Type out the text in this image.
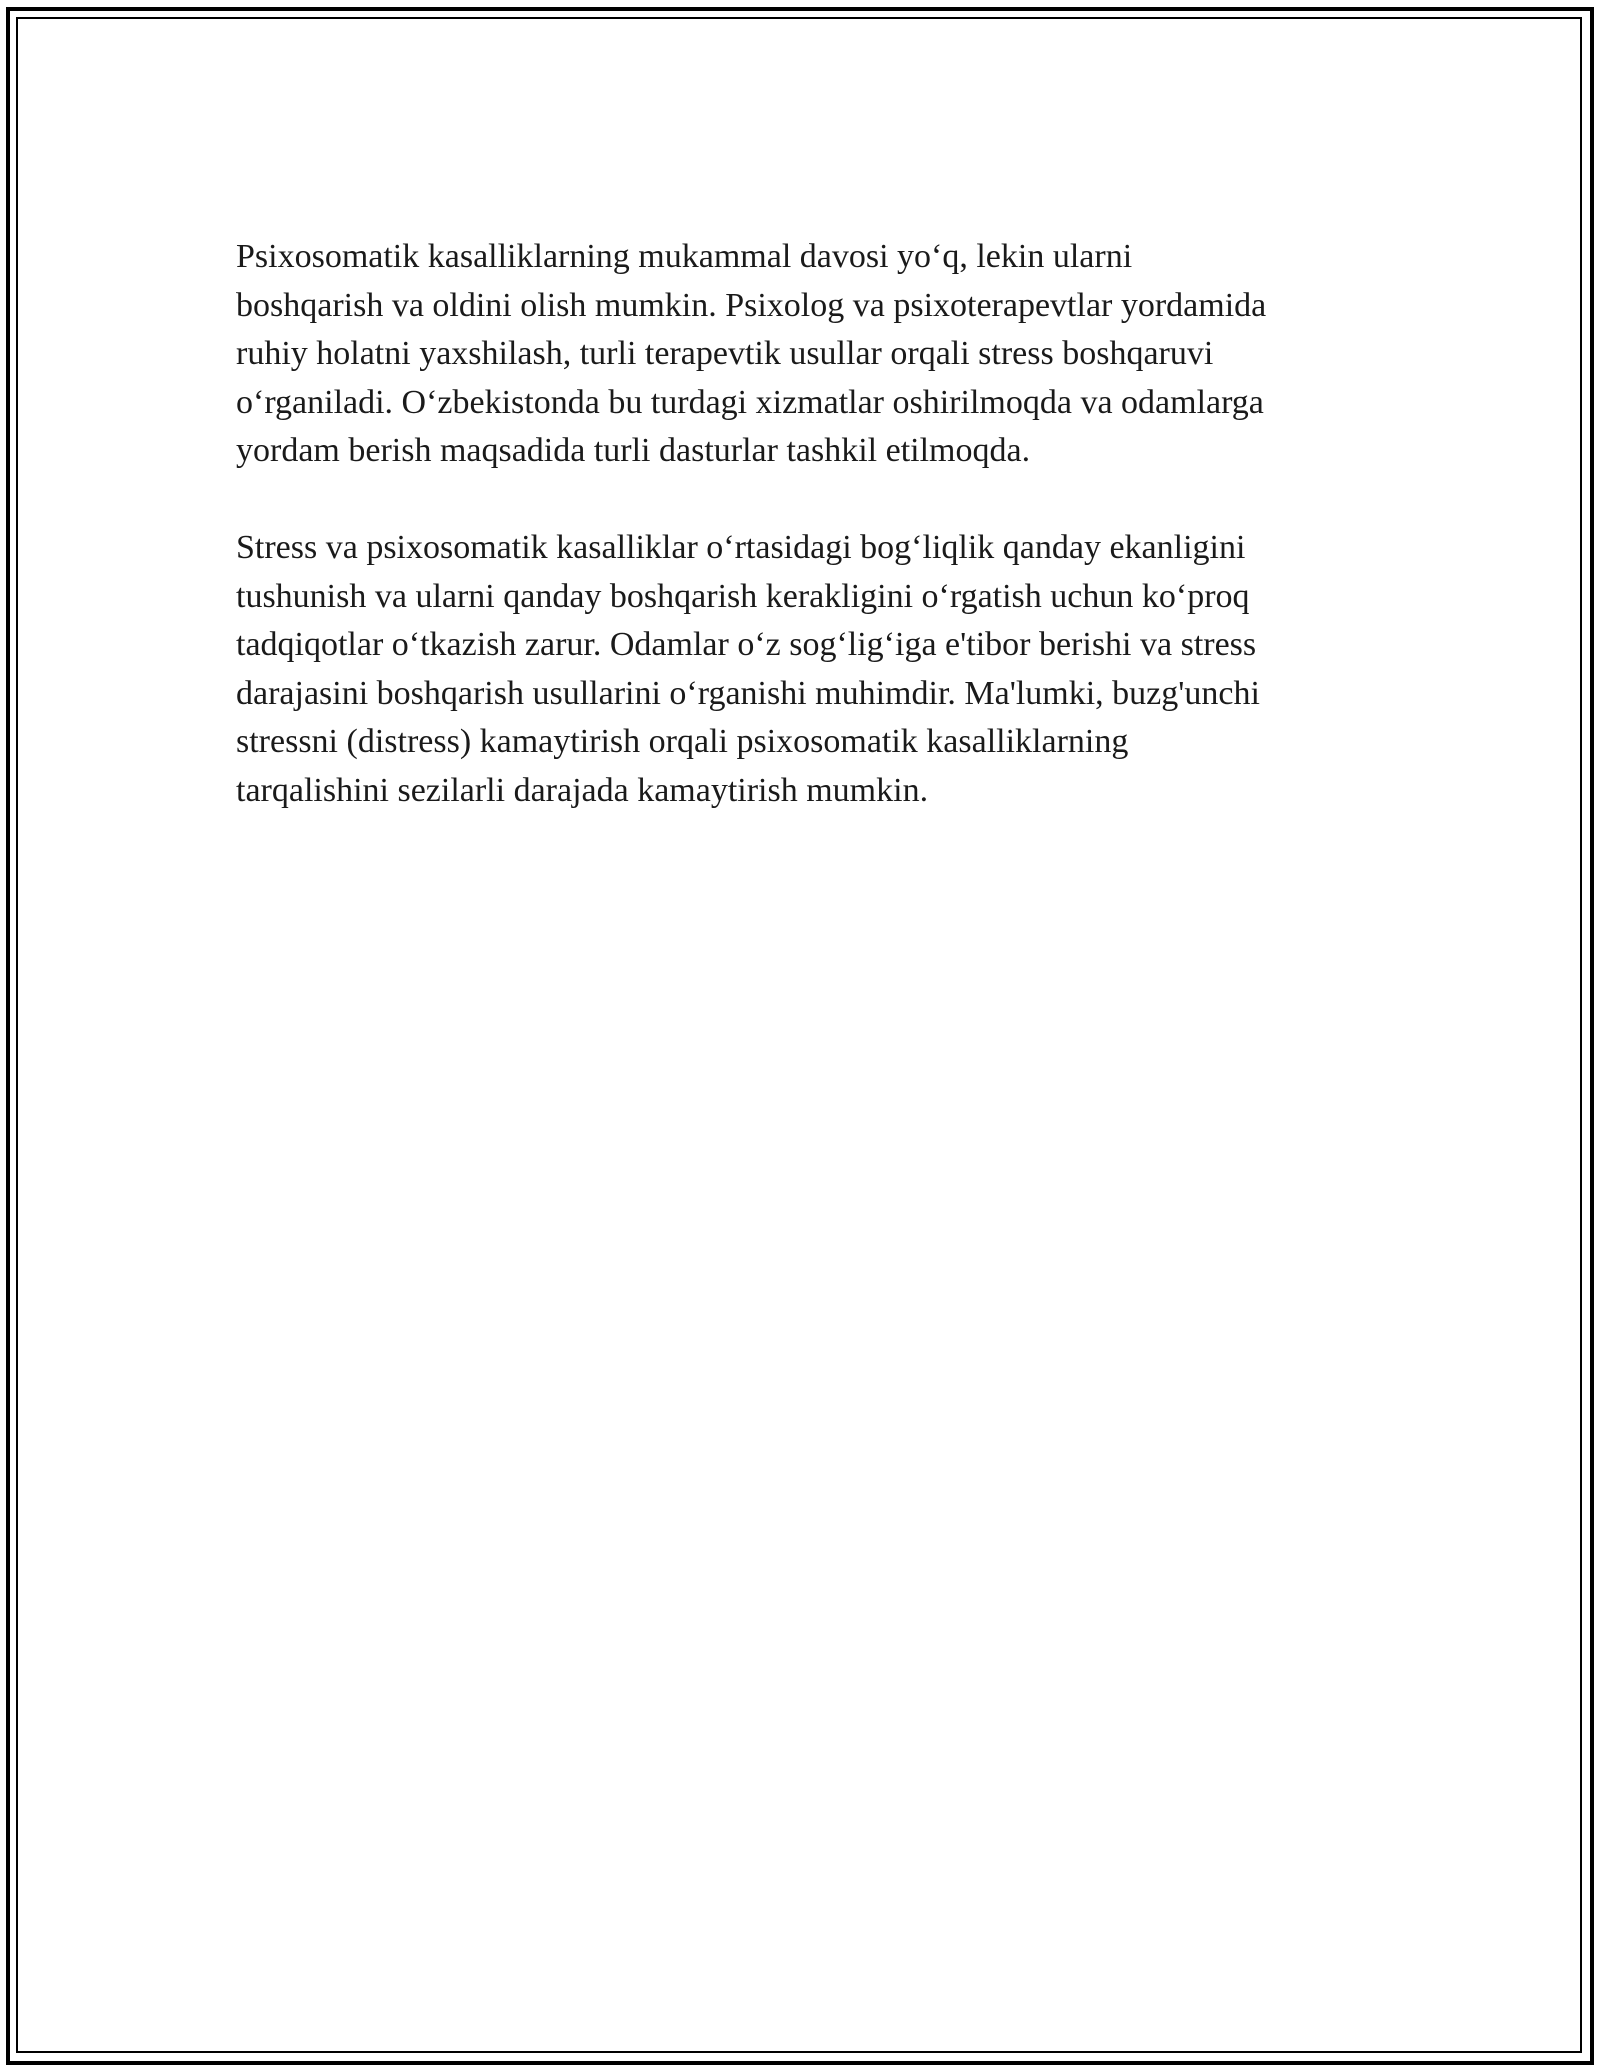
Psixosomatik kasalliklarning mukammal davosi yo‘q, lekin ularni
boshqarish va oldini olish mumkin. Psixolog va psixoterapevtlar yordamida
ruhiy holatni yaxshilash, turli terapevtik usullar orqali stress boshqaruvi
o‘rganiladi. O‘zbekistonda bu turdagi xizmatlar oshirilmoqda va odamlarga
yordam berish maqsadida turli dasturlar tashkil etilmoqda.

Stress va psixosomatik kasalliklar o‘rtasidagi bog‘liqlik qanday ekanligini
tushunish va ularni qanday boshqarish kerakligini o‘rgatish uchun ko‘proq
tadqiqotlar o‘tkazish zarur. Odamlar o‘z sog‘lig‘iga e'tibor berishi va stress
darajasini boshqarish usullarini o‘rganishi muhimdir. Ma'lumki, buzg'unchi
stressni (distress) kamaytirish orqali psixosomatik kasalliklarning
tarqalishini sezilarli darajada kamaytirish mumkin.
